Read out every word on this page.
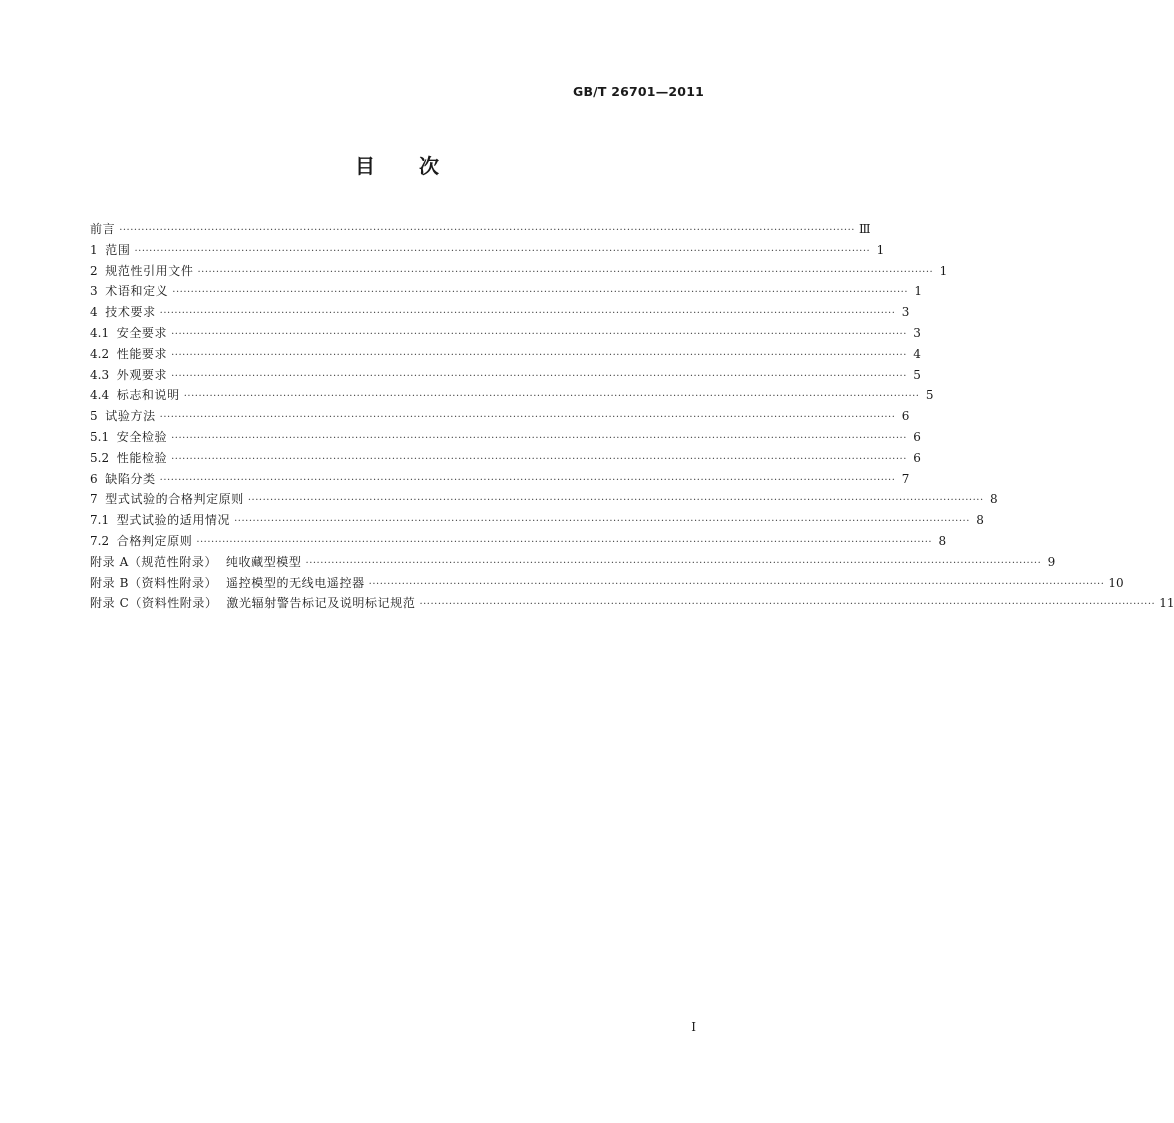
GB/T 26701—2011
目 次
前言 ········································································································································································································ Ⅲ
1 范围 ········································································································································································································ 1
2 规范性引用文件 ········································································································································································································ 1
3 术语和定义 ········································································································································································································ 1
4 技术要求 ········································································································································································································ 3
4.1 安全要求 ········································································································································································································ 3
4.2 性能要求 ········································································································································································································ 4
4.3 外观要求 ········································································································································································································ 5
4.4 标志和说明 ········································································································································································································ 5
5 试验方法 ········································································································································································································ 6
5.1 安全检验 ········································································································································································································ 6
5.2 性能检验 ········································································································································································································ 6
6 缺陷分类 ········································································································································································································ 7
7 型式试验的合格判定原则 ········································································································································································································ 8
7.1 型式试验的适用情况 ········································································································································································································ 8
7.2 合格判定原则 ········································································································································································································ 8
附录 A（规范性附录）  纯收藏型模型 ········································································································································································································ 9
附录 B（资料性附录）  遥控模型的无线电遥控器 ········································································································································································································ 10
附录 C（资料性附录）  激光辐射警告标记及说明标记规范 ········································································································································································································ 11
Ⅰ
